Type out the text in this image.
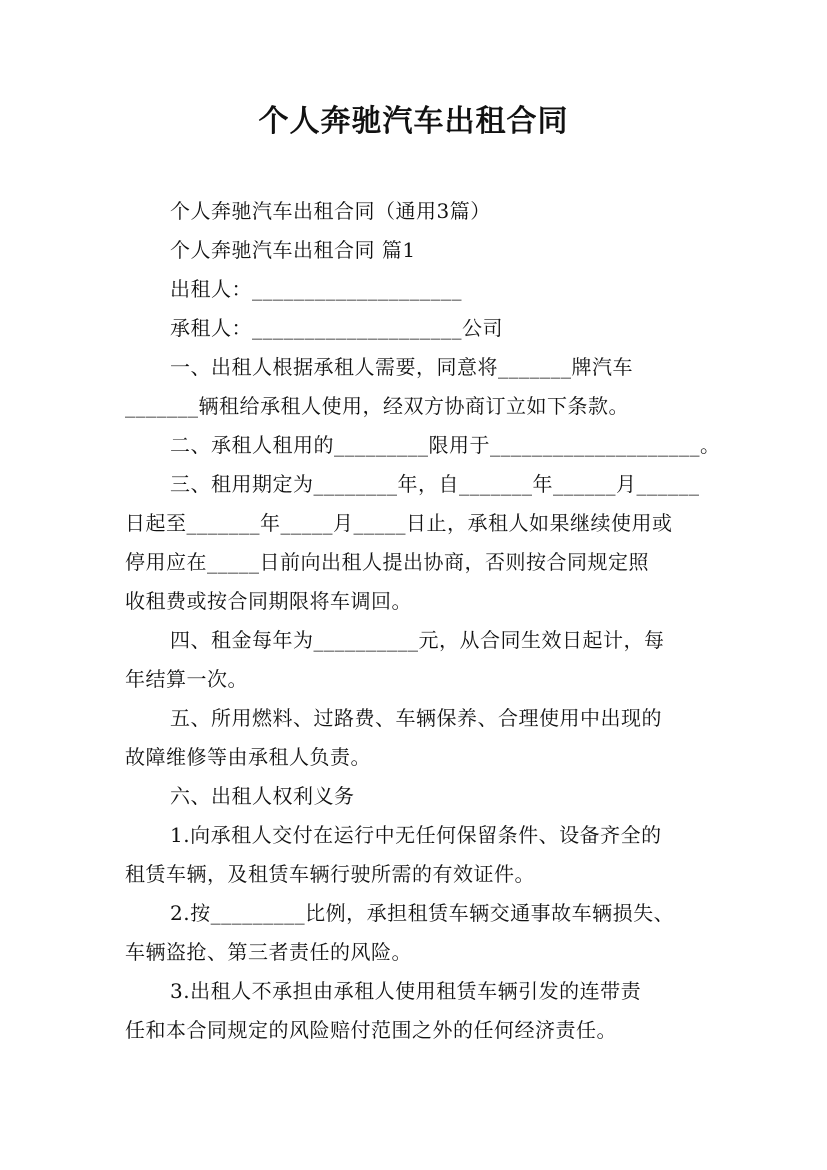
个人奔驰汽车出租合同
个人奔驰汽车出租合同（通用3篇）
个人奔驰汽车出租合同 篇1
出租人：____________________
承租人：____________________公司
一、出租人根据承租人需要，同意将_______牌汽车
_______辆租给承租人使用，经双方协商订立如下条款。
二、承租人租用的_________限用于____________________。
三、租用期定为________年，自_______年______月______
日起至_______年_____月_____日止，承租人如果继续使用或
停用应在_____日前向出租人提出协商，否则按合同规定照
收租费或按合同期限将车调回。
四、租金每年为__________元，从合同生效日起计，每
年结算一次。
五、所用燃料、过路费、车辆保养、合理使用中出现的
故障维修等由承租人负责。
六、出租人权利义务
1.向承租人交付在运行中无任何保留条件、设备齐全的
租赁车辆，及租赁车辆行驶所需的有效证件。
2.按_________比例，承担租赁车辆交通事故车辆损失、
车辆盗抢、第三者责任的风险。
3.出租人不承担由承租人使用租赁车辆引发的连带责
任和本合同规定的风险赔付范围之外的任何经济责任。
